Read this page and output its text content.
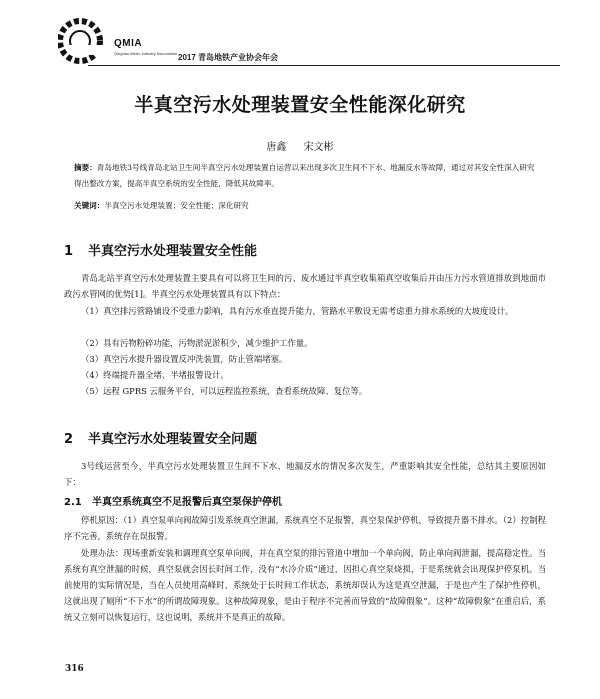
QMIA
Qingdao Metro Industry Association 2017 青岛地铁产业协会年会
半真空污水处理装置安全性能深化研究
唐鑫 宋文彬
摘要：青岛地铁3号线青岛北站卫生间半真空污水处理装置自运营以来出现多次卫生间不下水、地漏反水等故障，通过对其安全性深入研究得出整改方案，提高半真空系统的安全性能，降低其故障率。
关键词：半真空污水处理装置；安全性能；深化研究
1 半真空污水处理装置安全性能
青岛北站半真空污水处理装置主要具有可以将卫生间的污、废水通过半真空收集箱真空收集后并由压力污水管道排放到地面市政污水管网的优势[1]。半真空污水处理装置具有以下特点：
（1）真空排污管路铺设不受重力影响，具有污水垂直提升能力，管路水平敷设无需考虑重力排水系统的大坡度设计。
（2）具有污物粉碎功能，污物淤泥淤积少，减少维护工作量。
（3）真空污水提升器设置反冲洗装置，防止管端堵塞。
（4）终端提升器全堵、半堵报警设计。
（5）远程 GPRS 云服务平台，可以远程监控系统，查看系统故障、复位等。
2 半真空污水处理装置安全问题
3号线运营至今，半真空污水处理装置卫生间不下水、地漏反水的情况多次发生，严重影响其安全性能，总结其主要原因如下：
2.1 半真空系统真空不足报警后真空泵保护停机
停机原因：（1）真空泵单向阀故障引发系统真空泄漏，系统真空不足报警，真空泵保护停机，导致提升器不排水。（2）控制程序不完善，系统存在误报警。
处理办法：现场重新安装和调理真空泵单向阀，并在真空泵的排污管道中增加一个单向阀，防止单向阀泄漏，提高稳定性。当系统有真空泄漏的时候，真空泵就会因长时间工作，没有“水冷介质”通过，因担心真空泵烧损，于是系统就会出现保护停泵机。当前使用的实际情况是，当在人员使用高峰时，系统处于长时间工作状态，系统却误认为这是真空泄漏，于是也产生了保护性停机，这就出现了厕所“不下水”的所谓故障现象。这种故障现象，是由于程序不完善而导致的“故障假象”。这种“故障假象”在重启后，系统又立刻可以恢复运行，这也说明，系统并不是真正的故障。
316
